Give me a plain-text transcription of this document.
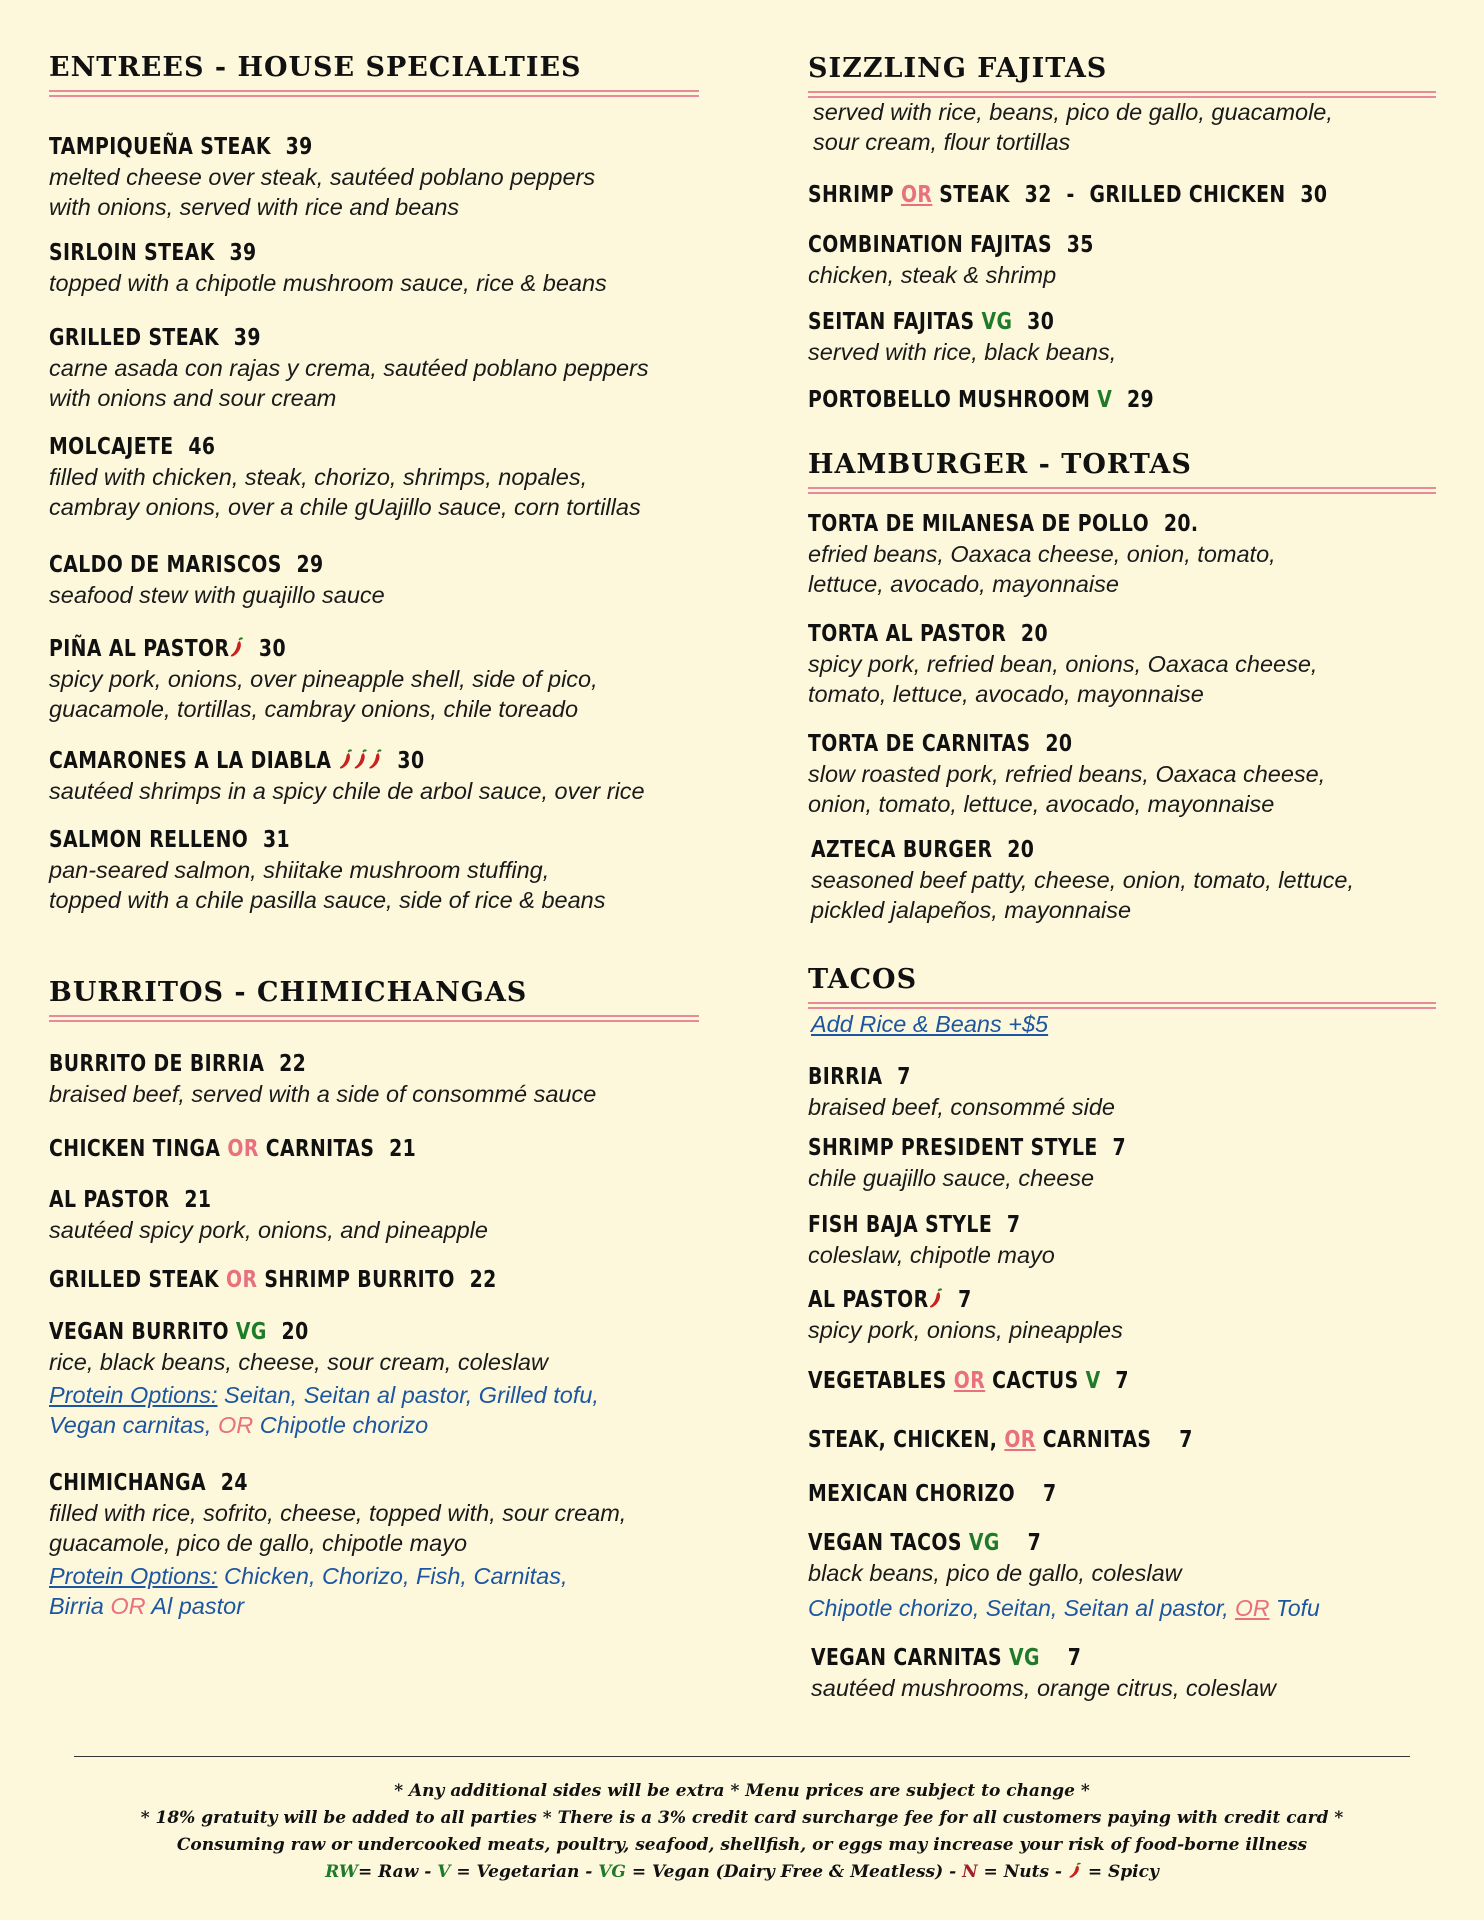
ENTREES - HOUSE SPECIALTIES
TAMPIQUEÑA STEAK 39
melted cheese over steak, sautéed poblano peppers
with onions, served with rice and beans
SIRLOIN STEAK 39
topped with a chipotle mushroom sauce, rice & beans
GRILLED STEAK 39
carne asada con rajas y crema, sautéed poblano peppers
with onions and sour cream
MOLCAJETE 46
filled with chicken, steak, chorizo, shrimps, nopales,
cambray onions, over a chile gUajillo sauce, corn tortillas
CALDO DE MARISCOS 29
seafood stew with guajillo sauce
PIÑA AL PASTOR 30
spicy pork, onions, over pineapple shell, side of pico,
guacamole, tortillas, cambray onions, chile toreado
CAMARONES A LA DIABLA	30
sautéed shrimps in a spicy chile de arbol sauce, over rice
SALMON RELLENO 31
pan-seared salmon, shiitake mushroom stuffing,
topped with a chile pasilla sauce, side of rice & beans
BURRITOS - CHIMICHANGAS
BURRITO DE BIRRIA 22
braised beef, served with a side of consommé sauce
CHICKEN TINGA OR CARNITAS 21
AL PASTOR 21
sautéed spicy pork, onions, and pineapple
GRILLED STEAK OR SHRIMP BURRITO 22
VEGAN BURRITO VG 20
rice, black beans, cheese, sour cream, coleslaw
Protein Options: Seitan, Seitan al pastor, Grilled tofu,
Vegan carnitas, OR Chipotle chorizo
CHIMICHANGA 24
filled with rice, sofrito, cheese, topped with, sour cream,
guacamole, pico de gallo, chipotle mayo
Protein Options: Chicken, Chorizo, Fish, Carnitas,
Birria OR Al pastor
SIZZLING FAJITAS
served with rice, beans, pico de gallo, guacamole,
sour cream, flour tortillas
SHRIMP OR STEAK 32 - GRILLED CHICKEN 30
COMBINATION FAJITAS 35
chicken, steak & shrimp
SEITAN FAJITAS VG 30
served with rice, black beans,
PORTOBELLO MUSHROOM V 29
HAMBURGER - TORTAS
TORTA DE MILANESA DE POLLO 20.
efried beans, Oaxaca cheese, onion, tomato,
lettuce, avocado, mayonnaise
TORTA AL PASTOR 20
spicy pork, refried bean, onions, Oaxaca cheese,
tomato, lettuce, avocado, mayonnaise
TORTA DE CARNITAS 20
slow roasted pork, refried beans, Oaxaca cheese,
onion, tomato, lettuce, avocado, mayonnaise
AZTECA BURGER 20
seasoned beef patty, cheese, onion, tomato, lettuce,
pickled jalapeños, mayonnaise
TACOS
Add Rice & Beans +$5
BIRRIA 7
braised beef, consommé side
SHRIMP PRESIDENT STYLE 7
chile guajillo sauce, cheese
FISH BAJA STYLE 7
coleslaw, chipotle mayo
AL PASTOR 7
spicy pork, onions, pineapples
VEGETABLES OR CACTUS V 7
STEAK, CHICKEN, OR CARNITAS 7
MEXICAN CHORIZO 7
VEGAN TACOS VG 7
black beans, pico de gallo, coleslaw
Chipotle chorizo, Seitan, Seitan al pastor, OR Tofu
VEGAN CARNITAS VG 7
sautéed mushrooms, orange citrus, coleslaw
* Any additional sides will be extra * Menu prices are subject to change *
* 18% gratuity will be added to all parties * There is a 3% credit card surcharge fee for all customers paying with credit card *
Consuming raw or undercooked meats, poultry, seafood, shellfish, or eggs may increase your risk of food-borne illness
RW= Raw - V = Vegetarian - VG = Vegan (Dairy Free & Meatless) - N = Nuts -  = Spicy
